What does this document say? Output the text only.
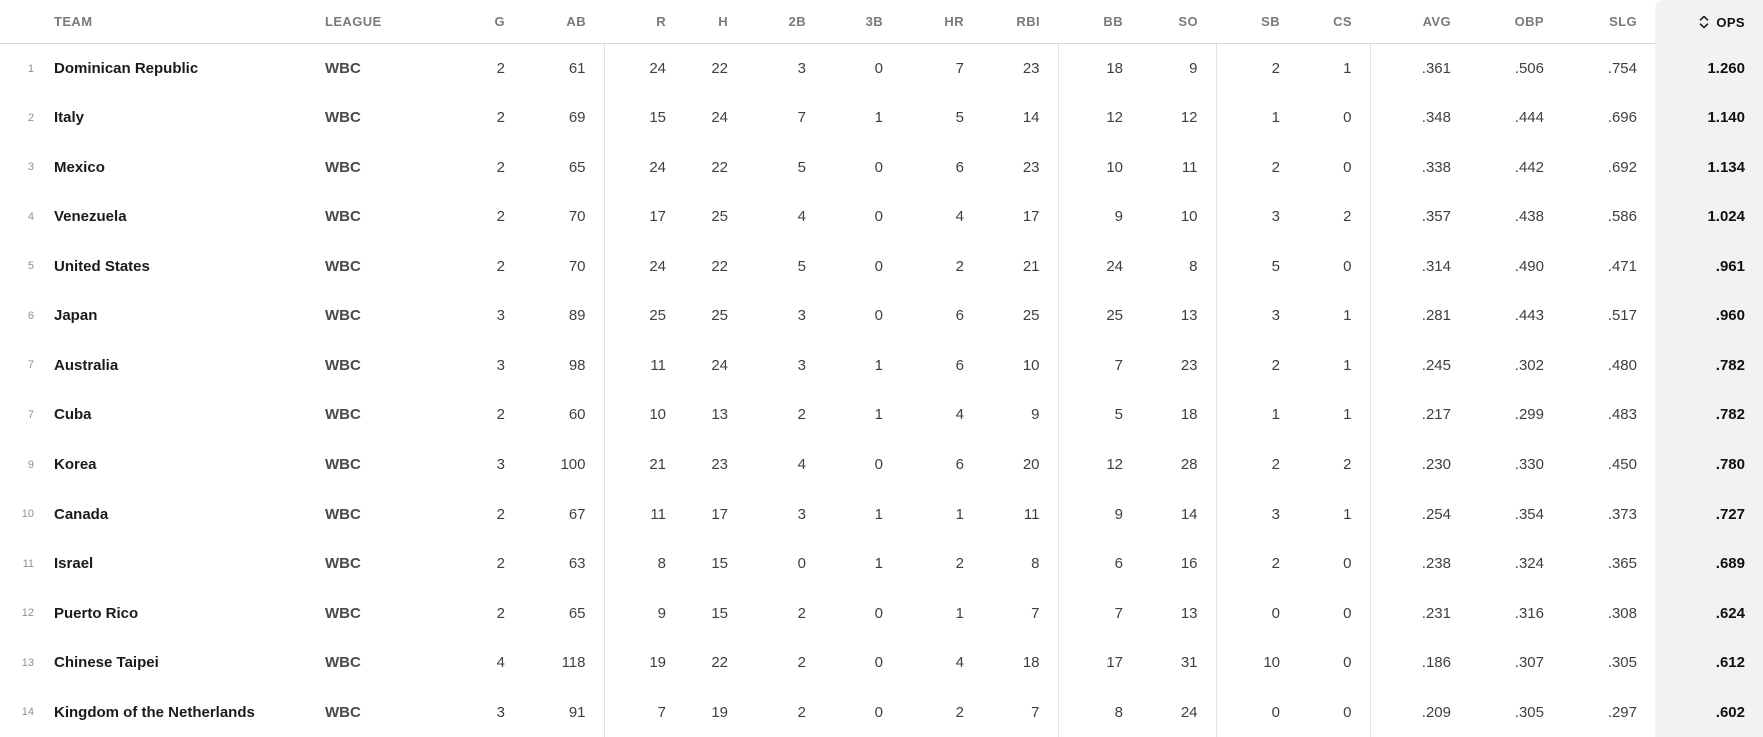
	TEAM	LEAGUE	G	AB	R	H	2B	3B	HR	RBI	BB	SO	SB	CS	AVG	OBP	SLG	OPS
1	Dominican Republic	WBC	2	61	24	22	3	0	7	23	18	9	2	1	.361	.506	.754	1.260
2	Italy	WBC	2	69	15	24	7	1	5	14	12	12	1	0	.348	.444	.696	1.140
3	Mexico	WBC	2	65	24	22	5	0	6	23	10	11	2	0	.338	.442	.692	1.134
4	Venezuela	WBC	2	70	17	25	4	0	4	17	9	10	3	2	.357	.438	.586	1.024
5	United States	WBC	2	70	24	22	5	0	2	21	24	8	5	0	.314	.490	.471	.961
6	Japan	WBC	3	89	25	25	3	0	6	25	25	13	3	1	.281	.443	.517	.960
7	Australia	WBC	3	98	11	24	3	1	6	10	7	23	2	1	.245	.302	.480	.782
7	Cuba	WBC	2	60	10	13	2	1	4	9	5	18	1	1	.217	.299	.483	.782
9	Korea	WBC	3	100	21	23	4	0	6	20	12	28	2	2	.230	.330	.450	.780
10	Canada	WBC	2	67	11	17	3	1	1	11	9	14	3	1	.254	.354	.373	.727
11	Israel	WBC	2	63	8	15	0	1	2	8	6	16	2	0	.238	.324	.365	.689
12	Puerto Rico	WBC	2	65	9	15	2	0	1	7	7	13	0	0	.231	.316	.308	.624
13	Chinese Taipei	WBC	4	118	19	22	2	0	4	18	17	31	10	0	.186	.307	.305	.612
14	Kingdom of the Netherlands	WBC	3	91	7	19	2	0	2	7	8	24	0	0	.209	.305	.297	.602
